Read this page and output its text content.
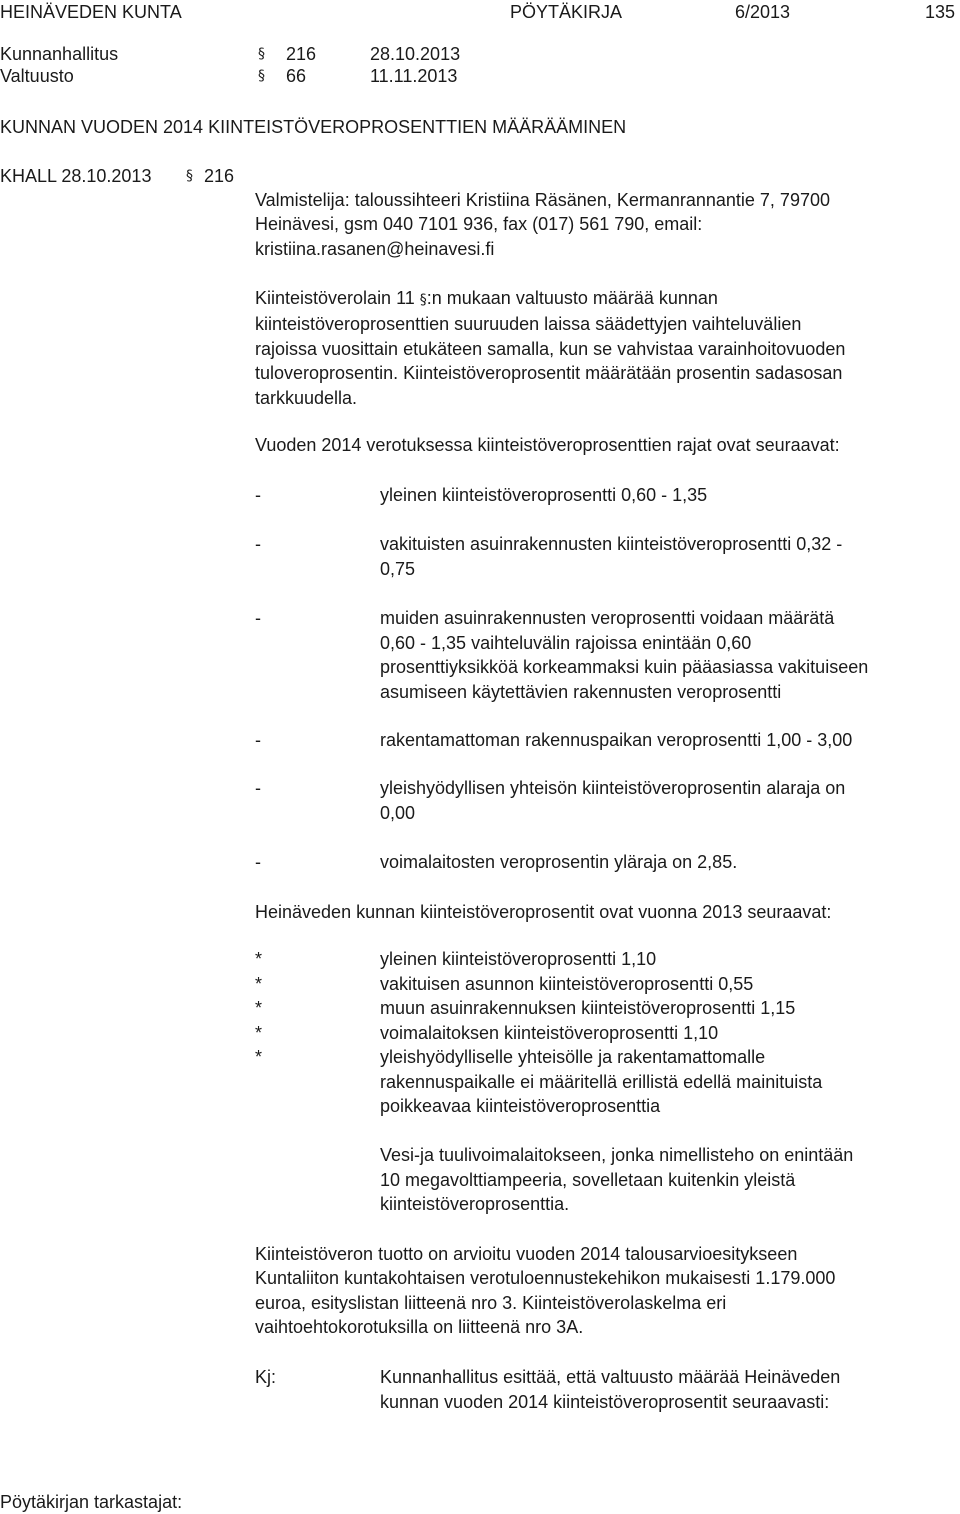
HEINÄVEDEN KUNTA	PÖYTÄKIRJA	6/2013	135
Kunnanhallitus	§ 216	28.10.2013
Valtuusto	§ 66	11.11.2013
KUNNAN VUODEN 2014 KIINTEISTÖVEROPROSENTTIEN MÄÄRÄÄMINEN
KHALL 28.10.2013 § 216
Valmistelija: taloussihteeri Kristiina Räsänen, Kermanrannantie 7, 79700
Heinävesi, gsm 040 7101 936, fax (017) 561 790, email:
kristiina.rasanen@heinavesi.fi
Kiinteistöverolain 11 §:n mukaan valtuusto määrää kunnan
kiinteistöveroprosenttien suuruuden laissa säädettyjen vaihteluvälien
rajoissa vuosittain etukäteen samalla, kun se vahvistaa varainhoitovuoden
tuloveroprosentin. Kiinteistöveroprosentit määrätään prosentin sadasosan
tarkkuudella.
Vuoden 2014 verotuksessa kiinteistöveroprosenttien rajat ovat seuraavat:
-	yleinen kiinteistöveroprosentti 0,60 - 1,35
-	vakituisten asuinrakennusten kiinteistöveroprosentti 0,32 -
0,75
-	muiden asuinrakennusten veroprosentti voidaan määrätä
0,60 - 1,35 vaihteluvälin rajoissa enintään 0,60
prosenttiyksikköä korkeammaksi kuin pääasiassa vakituiseen
asumiseen käytettävien rakennusten veroprosentti
-	rakentamattoman rakennuspaikan veroprosentti 1,00 - 3,00
-	yleishyödyllisen yhteisön kiinteistöveroprosentin alaraja on
0,00
-	voimalaitosten veroprosentin yläraja on 2,85.
Heinäveden kunnan kiinteistöveroprosentit ovat vuonna 2013 seuraavat:
*	yleinen kiinteistöveroprosentti 1,10
*	vakituisen asunnon kiinteistöveroprosentti 0,55
*	muun asuinrakennuksen kiinteistöveroprosentti 1,15
*	voimalaitoksen kiinteistöveroprosentti 1,10
*	yleishyödylliselle yhteisölle ja rakentamattomalle
rakennuspaikalle ei määritellä erillistä edellä mainituista
poikkeavaa kiinteistöveroprosenttia
Vesi-ja tuulivoimalaitokseen, jonka nimellisteho on enintään
10 megavolttiampeeria, sovelletaan kuitenkin yleistä
kiinteistöveroprosenttia.
Kiinteistöveron tuotto on arvioitu vuoden 2014 talousarvioesitykseen
Kuntaliiton kuntakohtaisen verotuloennustekehikon mukaisesti 1.179.000
euroa, esityslistan liitteenä nro 3. Kiinteistöverolaskelma eri
vaihtoehtokorotuksilla on liitteenä nro 3A.
Kj:	Kunnanhallitus esittää, että valtuusto määrää Heinäveden
kunnan vuoden 2014 kiinteistöveroprosentit seuraavasti:
Pöytäkirjan tarkastajat:
